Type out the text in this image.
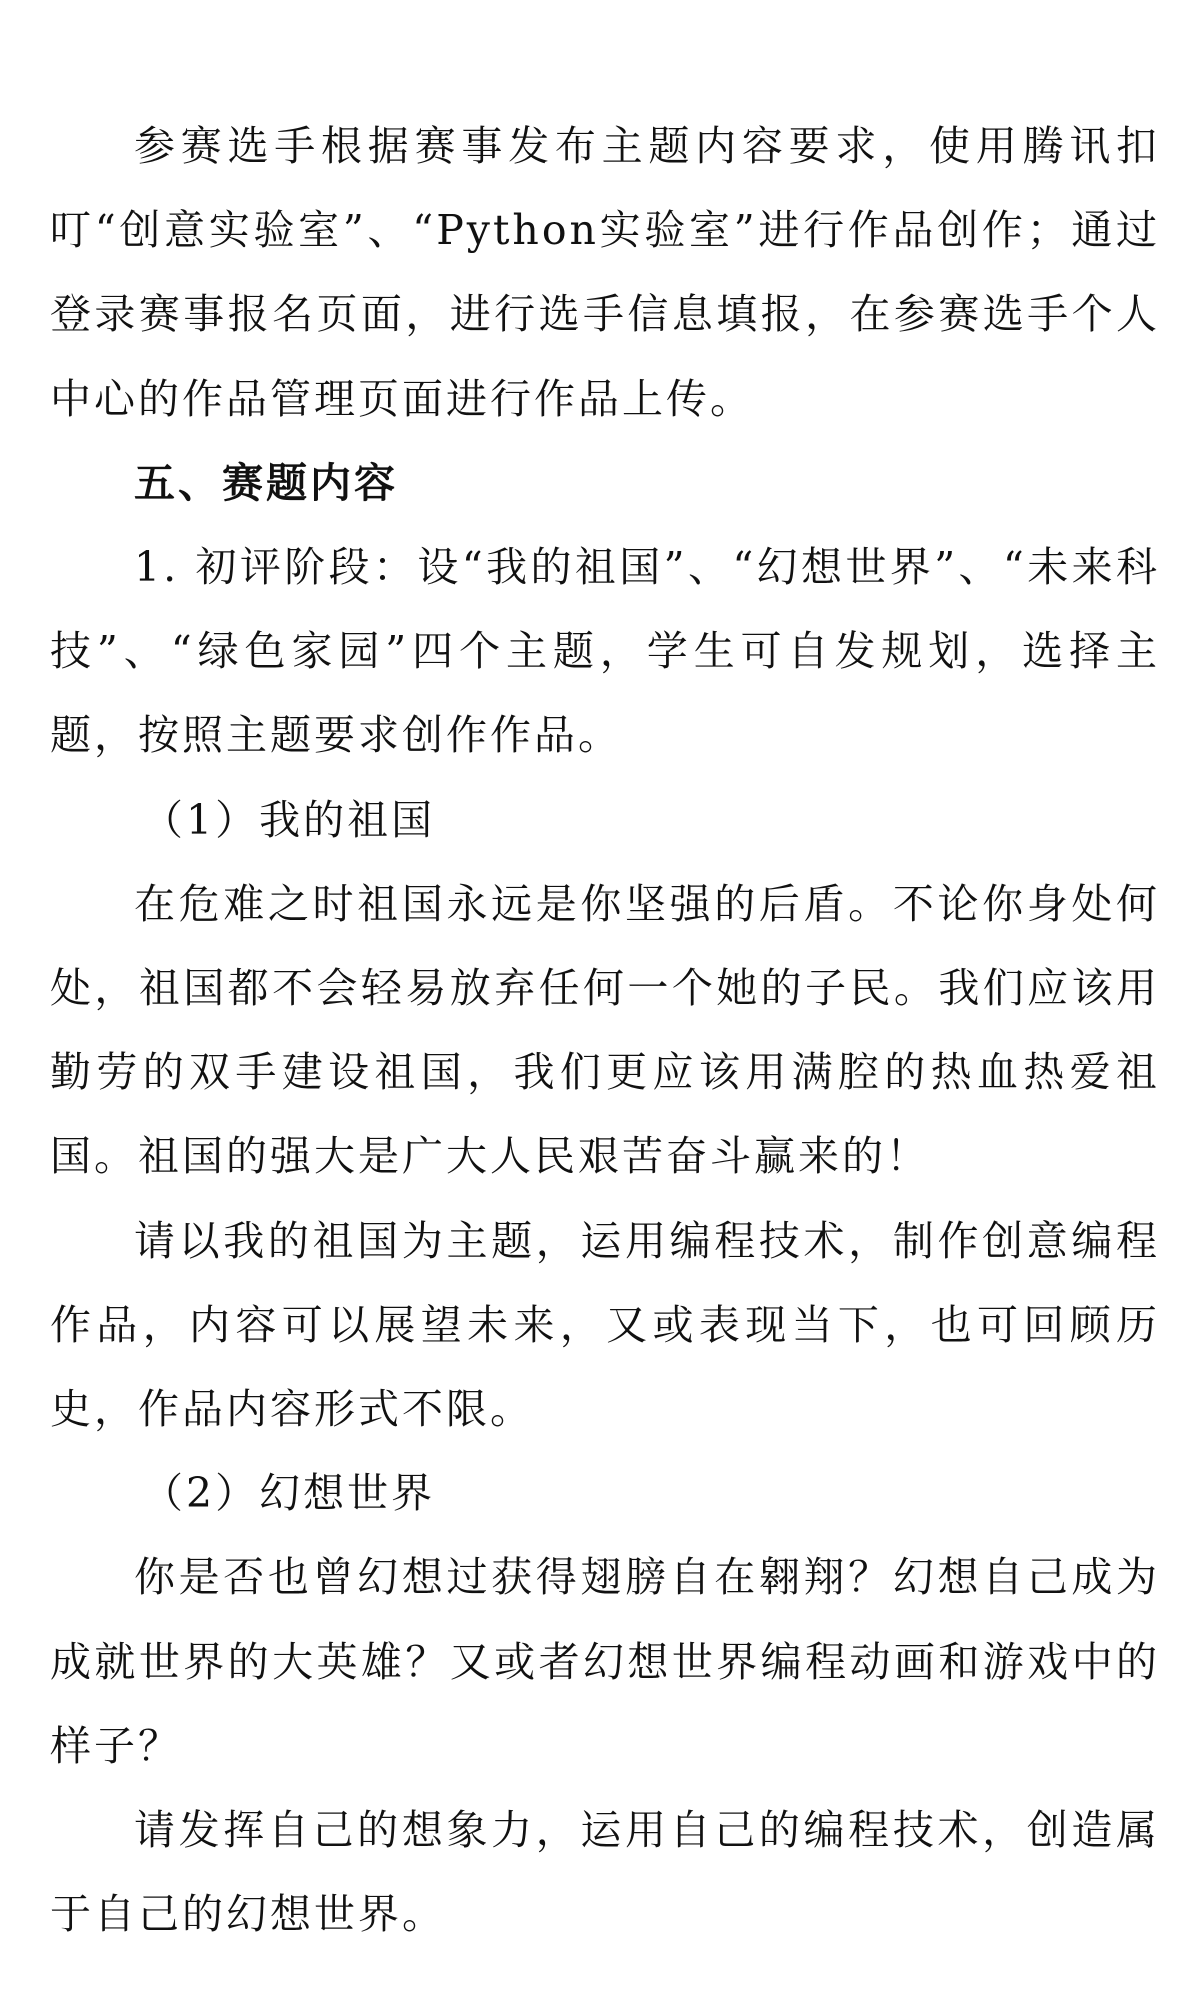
参赛选手根据赛事发布主题内容要求，使用腾讯扣叮“创意实验室”、“Python实验室”进行作品创作；通过登录赛事报名页面，进行选手信息填报，在参赛选手个人中心的作品管理页面进行作品上传。

五、赛题内容

1. 初评阶段：设“我的祖国”、“幻想世界”、“未来科技”、“绿色家园”四个主题，学生可自发规划，选择主题，按照主题要求创作作品。

（1）我的祖国

在危难之时祖国永远是你坚强的后盾。不论你身处何处，祖国都不会轻易放弃任何一个她的子民。我们应该用勤劳的双手建设祖国，我们更应该用满腔的热血热爱祖国。祖国的强大是广大人民艰苦奋斗赢来的！

请以我的祖国为主题，运用编程技术，制作创意编程作品，内容可以展望未来，又或表现当下，也可回顾历史，作品内容形式不限。

（2）幻想世界

你是否也曾幻想过获得翅膀自在翱翔？幻想自己成为成就世界的大英雄？又或者幻想世界编程动画和游戏中的样子？

请发挥自己的想象力，运用自己的编程技术，创造属于自己的幻想世界。
